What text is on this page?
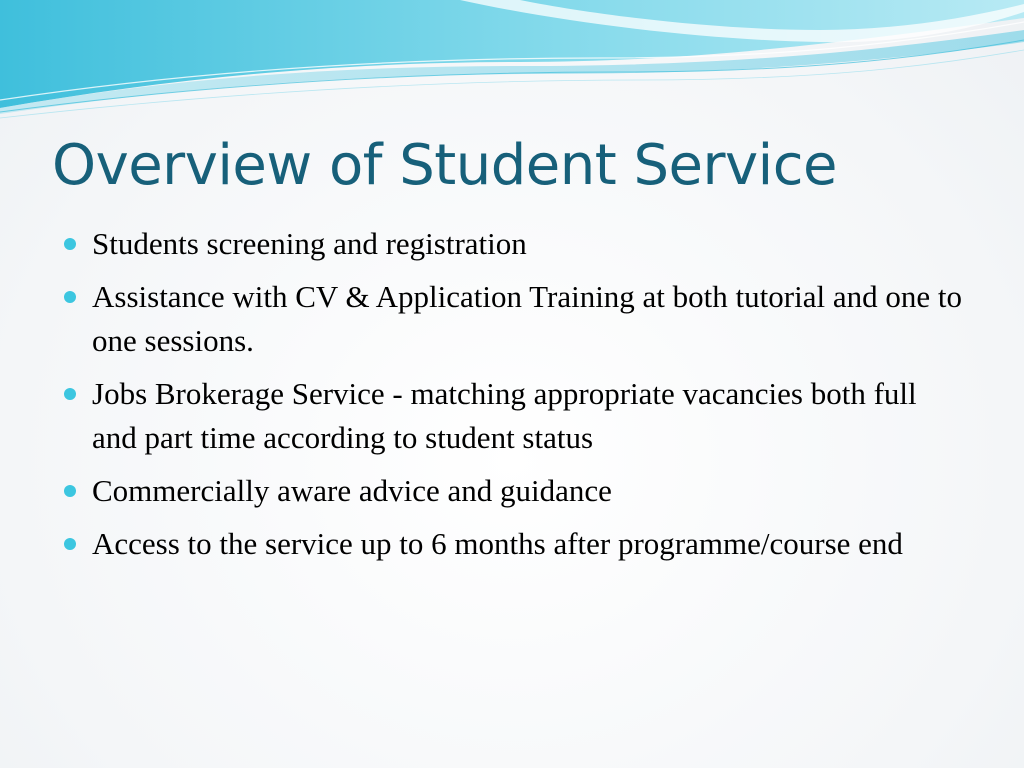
Overview of Student Service
Students screening and registration
Assistance with CV & Application Training at both tutorial and one to one sessions.
Jobs Brokerage Service - matching appropriate vacancies both full and part time according to student status
Commercially aware advice and guidance
Access to the service up to 6 months after programme/course end
